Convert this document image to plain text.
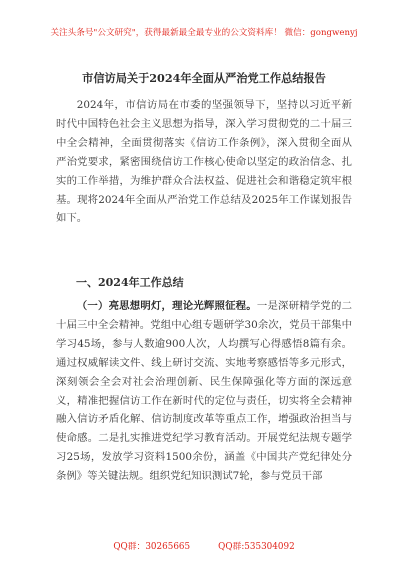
关注头条号"公文研究"，获得最新最全最专业的公文资料库！ 微信：gongwenyj
市信访局关于2024年全面从严治党工作总结报告
2024年，市信访局在市委的坚强领导下，坚持以习近平新时代中国特色社会主义思想为指导，深入学习贯彻党的二十届三中全会精神，全面贯彻落实《信访工作条例》，深入贯彻全面从严治党要求，紧密围绕信访工作核心使命以坚定的政治信念、扎实的工作举措，为维护群众合法权益、促进社会和谐稳定筑牢根基。现将2024年全面从严治党工作总结及2025年工作谋划报告如下。
一、2024年工作总结
（一）亮思想明灯，理论光辉照征程。一是深研精学党的二十届三中全会精神。党组中心组专题研学30余次，党员干部集中学习45场，参与人数逾900人次，人均撰写心得感悟8篇有余。通过权威解读文件、线上研讨交流、实地考察感悟等多元形式，深刻领会全会对社会治理创新、民生保障强化等方面的深远意义，精准把握信访工作在新时代的定位与责任，切实将全会精神融入信访矛盾化解、信访制度改革等重点工作，增强政治担当与使命感。二是扎实推进党纪学习教育活动。开展党纪法规专题学习25场，发放学习资料1500余份，涵盖《中国共产党纪律处分条例》等关键法规。组织党纪知识测试7轮，参与党员干部
QQ群：30265665	QQ群:535304092
